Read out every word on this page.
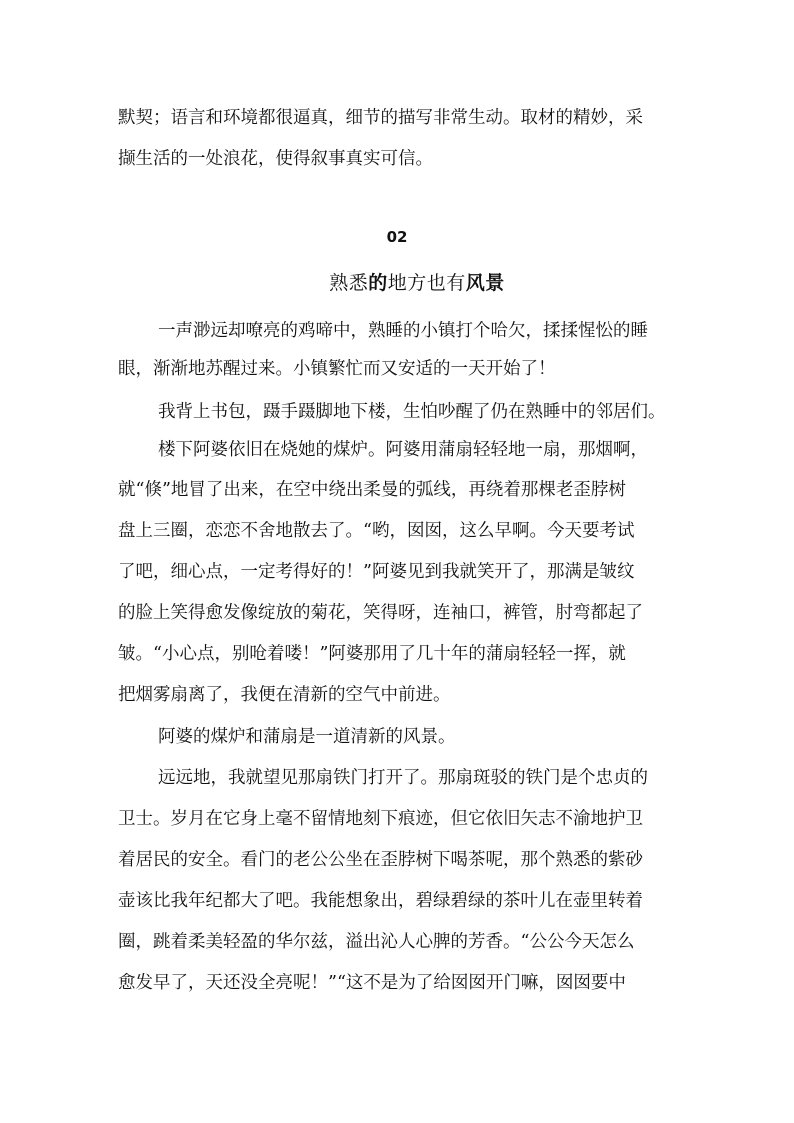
默契；语言和环境都很逼真，细节的描写非常生动。取材的精妙，采
撷生活的一处浪花，使得叙事真实可信。
02
熟悉的地方也有风景
一声渺远却嘹亮的鸡啼中，熟睡的小镇打个哈欠，揉揉惺忪的睡
眼，渐渐地苏醒过来。小镇繁忙而又安适的一天开始了！
我背上书包，蹑手蹑脚地下楼，生怕吵醒了仍在熟睡中的邻居们。
楼下阿婆依旧在烧她的煤炉。阿婆用蒲扇轻轻地一扇，那烟啊，
就“倏”地冒了出来，在空中绕出柔曼的弧线，再绕着那棵老歪脖树
盘上三圈，恋恋不舍地散去了。“哟，囡囡，这么早啊。今天要考试
了吧，细心点，一定考得好的！”阿婆见到我就笑开了，那满是皱纹
的脸上笑得愈发像绽放的菊花，笑得呀，连袖口，裤管，肘弯都起了
皱。“小心点，别呛着喽！”阿婆那用了几十年的蒲扇轻轻一挥，就
把烟雾扇离了，我便在清新的空气中前进。
阿婆的煤炉和蒲扇是一道清新的风景。
远远地，我就望见那扇铁门打开了。那扇斑驳的铁门是个忠贞的
卫士。岁月在它身上毫不留情地刻下痕迹，但它依旧矢志不渝地护卫
着居民的安全。看门的老公公坐在歪脖树下喝茶呢，那个熟悉的紫砂
壶该比我年纪都大了吧。我能想象出，碧绿碧绿的茶叶儿在壶里转着
圈，跳着柔美轻盈的华尔兹，溢出沁人心脾的芳香。“公公今天怎么
愈发早了，天还没全亮呢！”“这不是为了给囡囡开门嘛，囡囡要中
